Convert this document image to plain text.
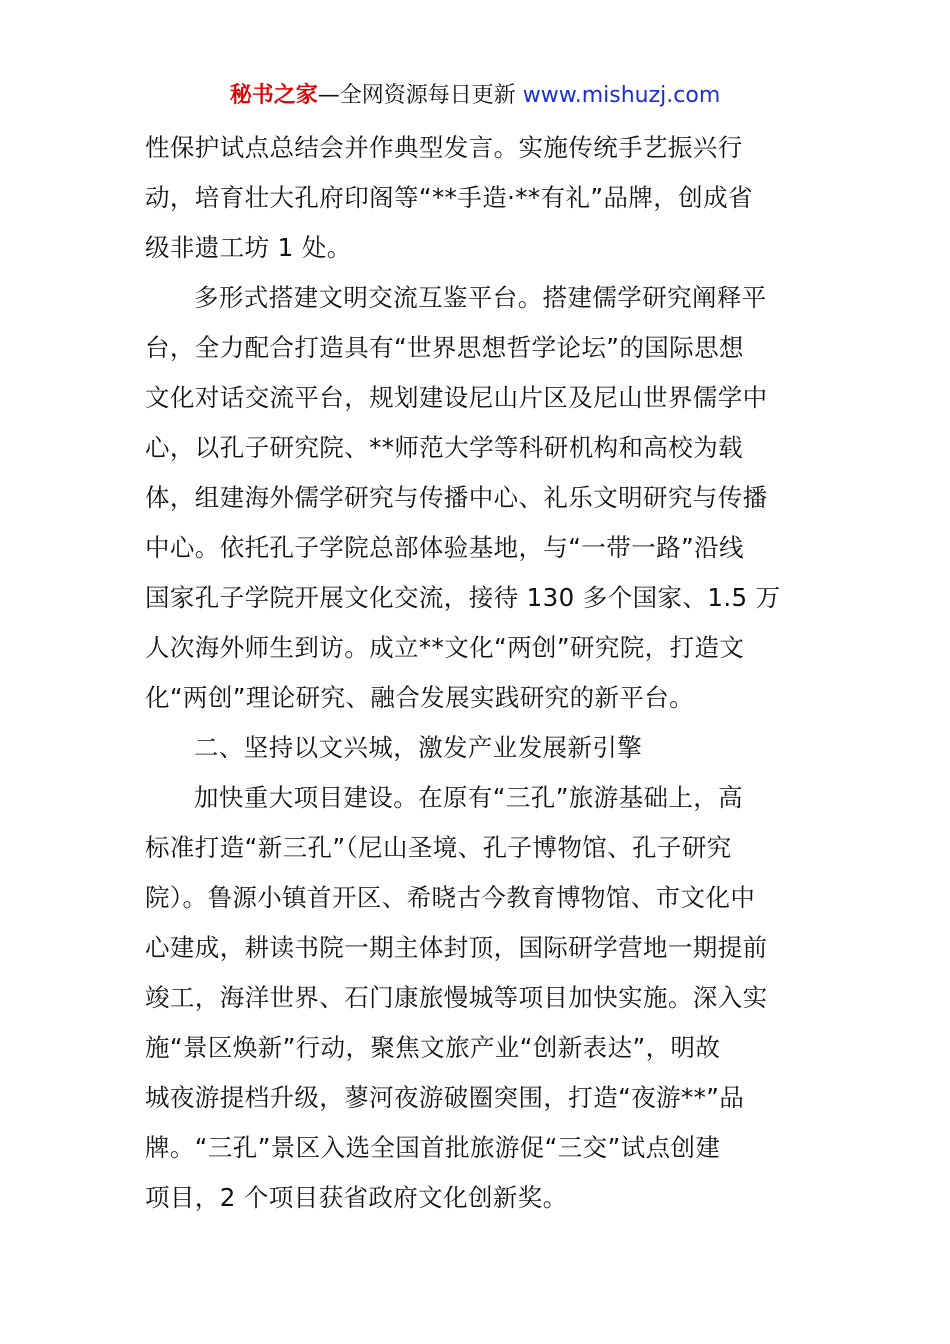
秘书之家—全网资源每日更新 www.mishuzj.com
性保护试点总结会并作典型发言。实施传统手艺振兴行
动，培育壮大孔府印阁等“**手造·**有礼”品牌，创成省
级非遗工坊 1 处。
多形式搭建文明交流互鉴平台。搭建儒学研究阐释平
台，全力配合打造具有“世界思想哲学论坛”的国际思想
文化对话交流平台，规划建设尼山片区及尼山世界儒学中
心，以孔子研究院、**师范大学等科研机构和高校为载
体，组建海外儒学研究与传播中心、礼乐文明研究与传播
中心。依托孔子学院总部体验基地，与“一带一路”沿线
国家孔子学院开展文化交流，接待 130 多个国家、1.5 万
人次海外师生到访。成立**文化“两创”研究院，打造文
化“两创”理论研究、融合发展实践研究的新平台。
二、坚持以文兴城，激发产业发展新引擎
加快重大项目建设。在原有“三孔”旅游基础上，高
标准打造“新三孔”（尼山圣境、孔子博物馆、孔子研究
院）。鲁源小镇首开区、希晓古今教育博物馆、市文化中
心建成，耕读书院一期主体封顶，国际研学营地一期提前
竣工，海洋世界、石门康旅慢城等项目加快实施。深入实
施“景区焕新”行动，聚焦文旅产业“创新表达”，明故
城夜游提档升级，蓼河夜游破圈突围，打造“夜游**”品
牌。“三孔”景区入选全国首批旅游促“三交”试点创建
项目，2 个项目获省政府文化创新奖。
